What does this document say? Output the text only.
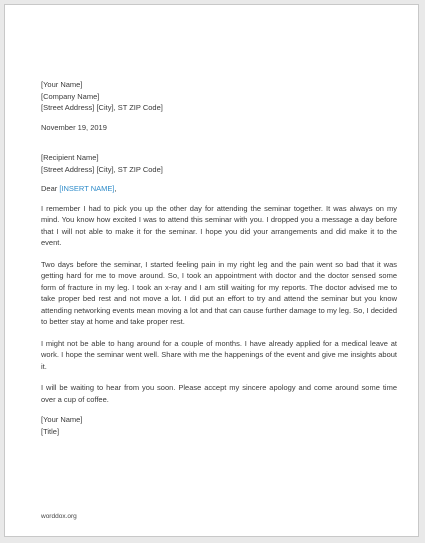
[Your Name]
[Company Name]
[Street Address] [City], ST ZIP Code]
November 19, 2019
[Recipient Name]
[Street Address] [City], ST ZIP Code]
Dear [INSERT NAME],

I remember I had to pick you up the other day for attending the seminar together. It was always on my mind. You know how excited I was to attend this seminar with you. I dropped you a message a day before that I will not able to make it for the seminar. I hope you did your arrangements and did make it to the event.

Two days before the seminar, I started feeling pain in my right leg and the pain went so bad that it was getting hard for me to move around. So, I took an appointment with doctor and the doctor sensed some form of fracture in my leg. I took an x-ray and I am still waiting for my reports. The doctor advised me to take proper bed rest and not move a lot. I did put an effort to try and attend the seminar but you know attending networking events mean moving a lot and that can cause further damage to my leg. So, I decided to better stay at home and take proper rest.

I might not be able to hang around for a couple of months. I have already applied for a medical leave at work. I hope the seminar went well. Share with me the happenings of the event and give me insights about it.

I will be waiting to hear from you soon. Please accept my sincere apology and come around some time over a cup of coffee.

[Your Name]
[Title]
worddox.org
